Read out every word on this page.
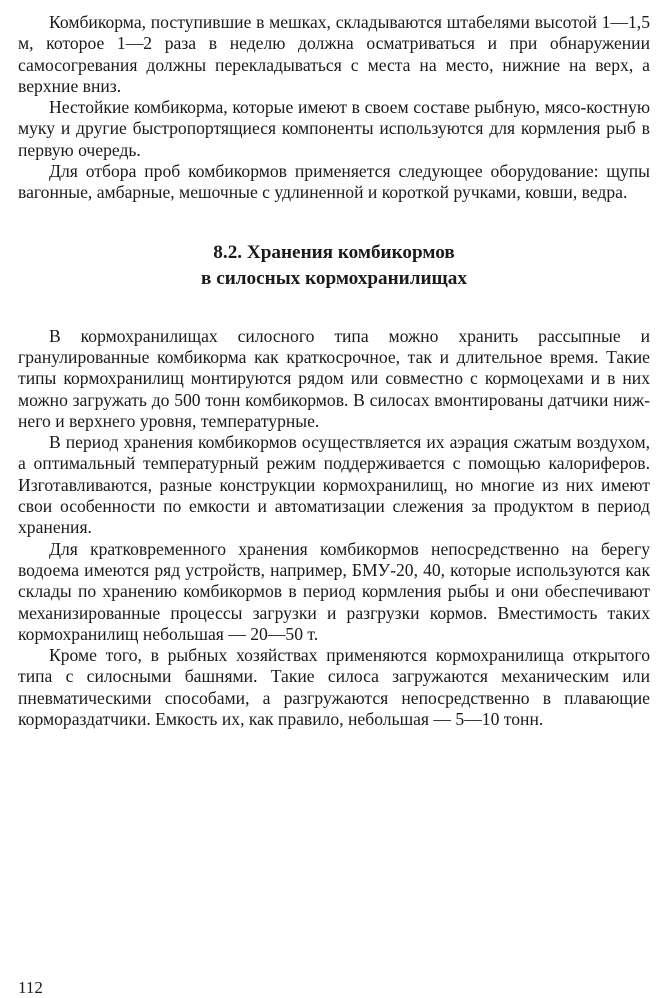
Комбикорма, поступившие в мешках, складываются штабелями высотой 1—1,5 м, которое 1—2 раза в неделю должна осматриваться и при обнаружении самосогревания должны перекладываться с места на место, нижние на верх, а верхние вниз.

Нестойкие комбикорма, которые имеют в своем составе рыбную, мясо-костную муку и другие быстропортящиеся компоненты используются для кормления рыб в первую очередь.

Для отбора проб комбикормов применяется следующее оборудование: щупы вагонные, амбарные, мешочные с удлиненной и короткой ручками, ковши, ведра.

8.2. Хранения комбикормов

в силосных кормохранилищах

В кормохранилищах силосного типа можно хранить рассыпные и гранулированные комбикорма как краткосрочное, так и длительное время. Такие типы кормохранилищ монтируются рядом или совместно с кормоцехами и в них можно загружать до 500 тонн комбикормов. В силосах вмонтированы датчики нижнего и верхнего уровня, температурные.

В период хранения комбикормов осуществляется их аэрация сжатым воздухом, а оптимальный температурный режим поддерживается с помощью калориферов. Изготавливаются, разные конструкции кормохранилищ, но многие из них имеют свои особенности по емкости и автоматизации слежения за продуктом в период хранения.

Для кратковременного хранения комбикормов непосредственно на берегу водоема имеются ряд устройств, например, БМУ-20, 40, которые используются как склады по хранению комбикормов в период кормления рыбы и они обеспечивают механизированные процессы загрузки и разгрузки кормов. Вместимость таких кормохранилищ небольшая — 20—50 т.

Кроме того, в рыбных хозяйствах применяются кормохранилища открытого типа с силосными башнями. Такие силоса загружаются механическим или пневматическими способами, а разгружаются непосредственно в плавающие кормораздатчики. Емкость их, как правило, небольшая — 5—10 тонн.

112
